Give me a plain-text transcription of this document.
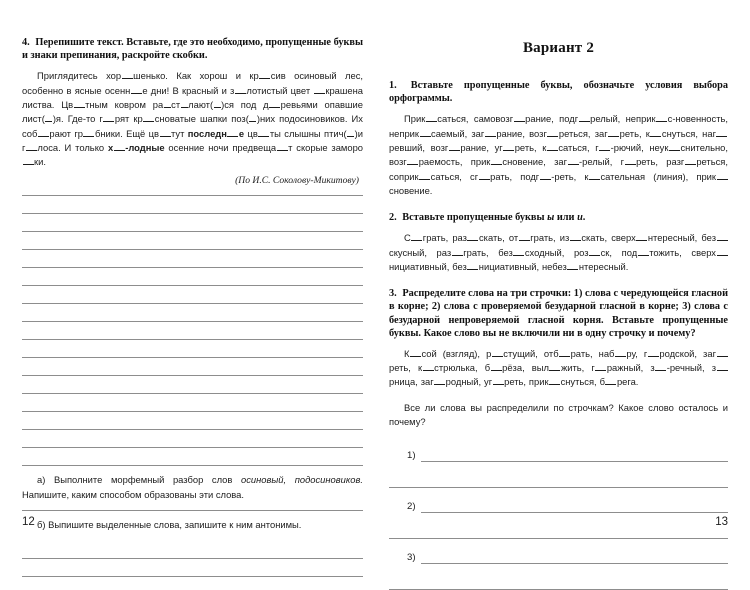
4. Перепишите текст. Вставьте, где это необходимо, пропущенные буквы и знаки препинания, раскройте скобки.

Приглядитесь хор шенько. Как хорош и кр сив осиновый лес, особенно в ясные осенн е дни! В красный и з лотистый цвет крашена листва. Цв тным ковром ра ст лают( )ся под д ревьями опавшие лист( )я. Где-то г рят кр сноватые шапки поз( )них подосиновиков. Их соб рают гр бники. Ещё цв тут последн е цв ты слышны птич( )и г лоса. И только х -лодные осенние ночи предвеща т скорые замороки.

(По И.С. Соколову-Микитову)

а) Выполните морфемный разбор слов осиновый, подосиновиков. Напишите, каким способом образованы эти слова.

б) Выпишите выделенные слова, запишите к ним антонимы.

12
Вариант 2

1. Вставьте пропущенные буквы, обозначьте условия выбора орфограммы.

Прик саться, самовозг рание, подг релый, неприк с-новенность, неприк саемый, заг рание, возг реться, заг реть, к снуться, нагревший, возг рание, уг реть, к саться, г -рючий, неук снительно, возг раемость, прик сновение, заг -релый, г реть, разг реться, соприк саться, сг рать, подг -реть, к сательная (линия), приксновение.

2. Вставьте пропущенные буквы ы или и.

С грать, раз скать, от грать, из скать, сверх нтересный, безскусный, раз грать, без сходный, роз ск, под тожить, сверхнициативный, без нициативный, небез нтересный.

3. Распределите слова на три строчки: 1) слова с чередующейся гласной в корне; 2) слова с проверяемой безударной гласной в корне; 3) слова с безударной непроверяемой гласной корня. Вставьте пропущенные буквы. Какое слово вы не включили ни в одну строчку и почему?

К сой (взгляд), р стущий, отб рать, наб ру, г родской, загреть, к стрюлька, б рёза, выл жить, г ражный, з -речный, зрница, заг родный, уг реть, прик снуться, б рега.

Все ли слова вы распределили по строчкам? Какое слово осталось и почему?

1)
2)
3)
13
